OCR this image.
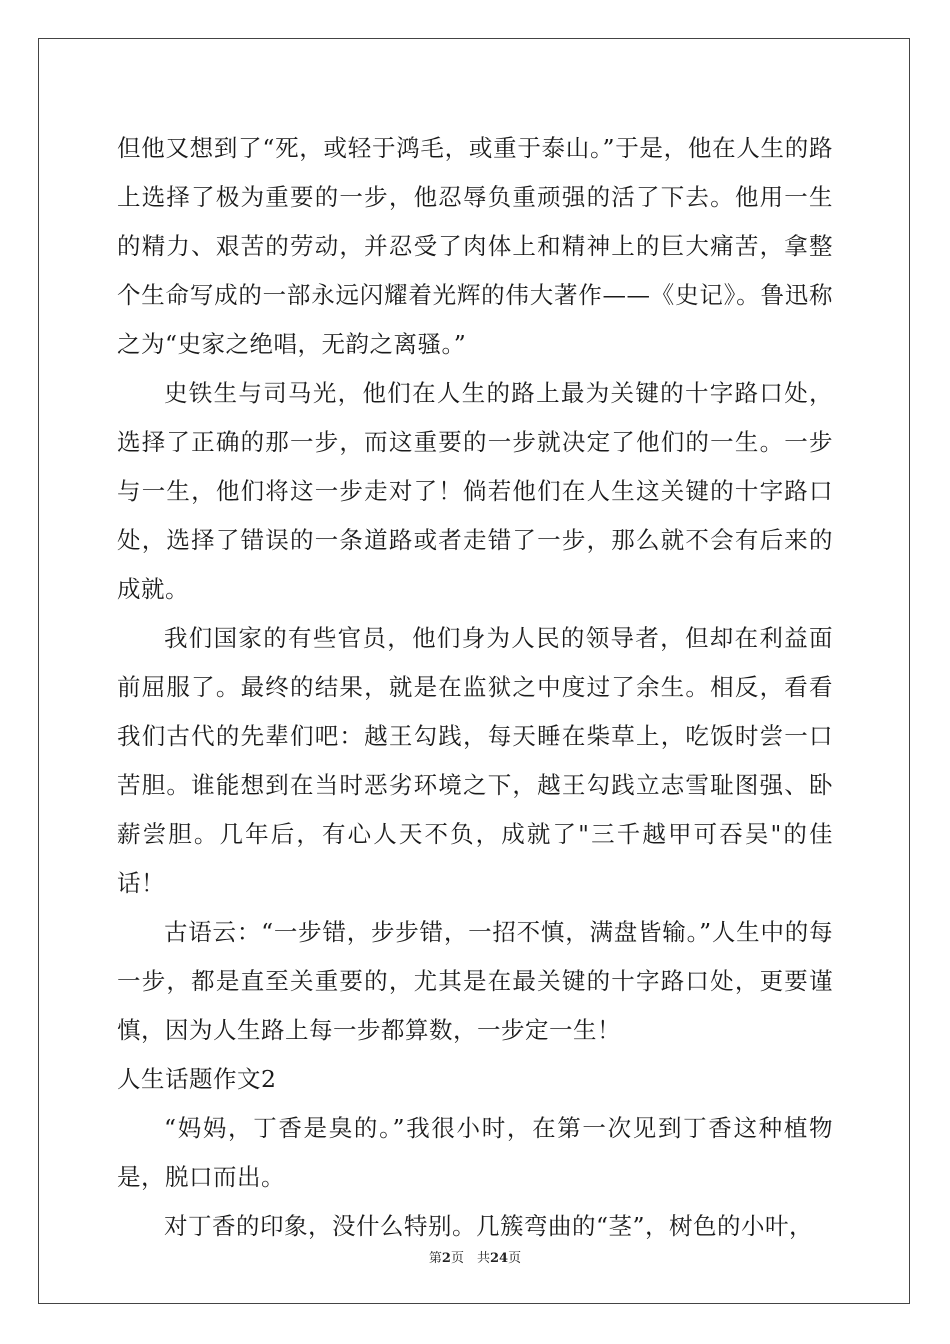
但他又想到了“死，或轻于鸿毛，或重于泰山。”于是，他在人生的路上选择了极为重要的一步，他忍辱负重顽强的活了下去。他用一生的精力、艰苦的劳动，并忍受了肉体上和精神上的巨大痛苦，拿整个生命写成的一部永远闪耀着光辉的伟大著作——《史记》。鲁迅称之为“史家之绝唱，无韵之离骚。”

史铁生与司马光，他们在人生的路上最为关键的十字路口处，选择了正确的那一步，而这重要的一步就决定了他们的一生。一步与一生，他们将这一步走对了！倘若他们在人生这关键的十字路口处，选择了错误的一条道路或者走错了一步，那么就不会有后来的成就。

我们国家的有些官员，他们身为人民的领导者，但却在利益面前屈服了。最终的结果，就是在监狱之中度过了余生。相反，看看我们古代的先辈们吧：越王勾践，每天睡在柴草上，吃饭时尝一口苦胆。谁能想到在当时恶劣环境之下，越王勾践立志雪耻图强、卧薪尝胆。几年后，有心人天不负，成就了"三千越甲可吞吴"的佳话！

古语云：“一步错，步步错，一招不慎，满盘皆输。”人生中的每一步，都是直至关重要的，尤其是在最关键的十字路口处，更要谨慎，因为人生路上每一步都算数，一步定一生！

人生话题作文2

“妈妈，丁香是臭的。”我很小时，在第一次见到丁香这种植物是，脱口而出。

对丁香的印象，没什么特别。几簇弯曲的“茎”，树色的小叶，

第2页　共24页
